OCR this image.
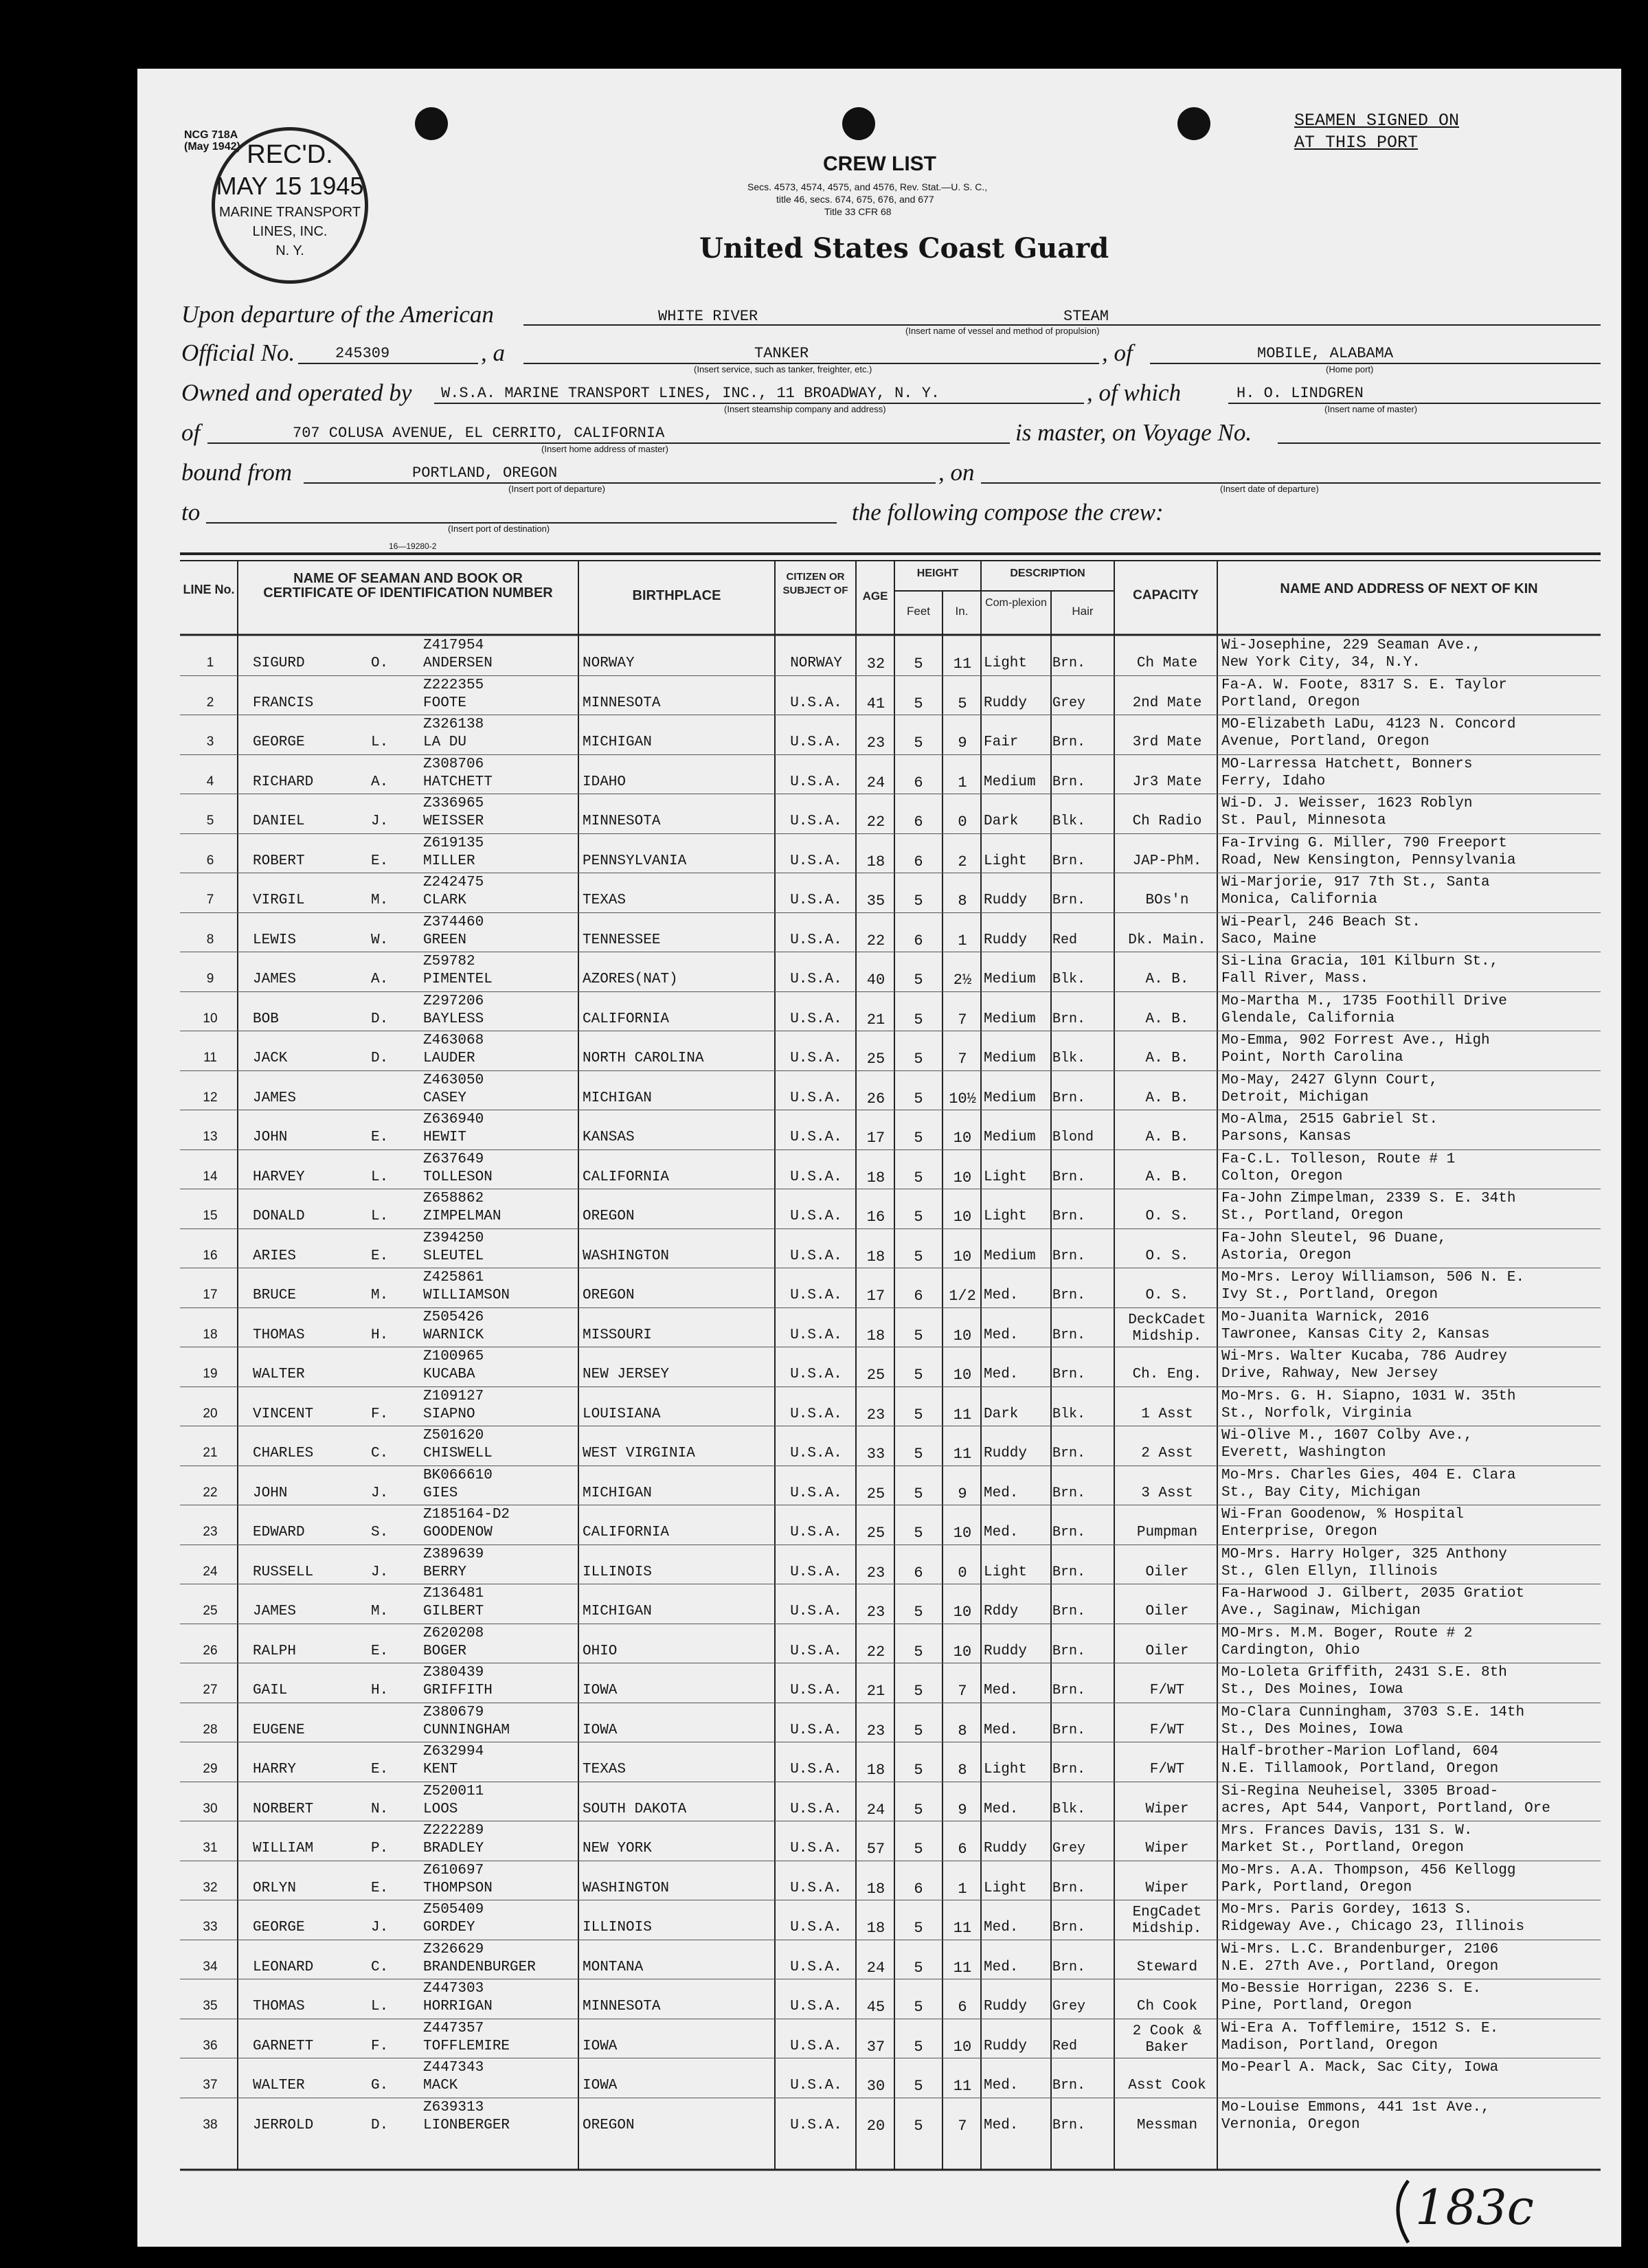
NCG 718A
(May 1942) REC'D.
MAY 15 1945
MARINE TRANSPORT
LINES, INC.
N. Y.
CREW LIST
Secs. 4573, 4574, 4575, and 4576, Rev. Stat.—U. S. C.,
title 46, secs. 674, 675, 676, and 677
Title 33 CFR 68
United States Coast Guard
SEAMEN SIGNED ON
AT THIS PORT
Upon departure of the American	WHITE RIVER	STEAM
(Insert name of vessel and method of propulsion)
Official No.	245309	, a	TANKER
(Insert service, such as tanker, freighter, etc.)
, of	MOBILE, ALABAMA
(Home port)
Owned and operated by W.S.A. MARINE TRANSPORT LINES, INC., 11 BROADWAY, N. Y.
(Insert steamship company and address)
, of which	H. O. LINDGREN
(Insert name of master)
of	707 COLUSA AVENUE, EL CERRITO, CALIFORNIA
(Insert home address of master)
is master, on Voyage No.
bound from	PORTLAND, OREGON
(Insert port of departure)
, on
(Insert date of departure)
to
(Insert port of destination)
the following compose the crew:
16—19280-2
LINE No.
NAME OF SEAMAN AND BOOK OR CERTIFICATE OF IDENTIFICATION NUMBER	BIRTHPLACE
CITIZEN OR SUBJECT OF	AGE
HEIGHT
Feet	In.
DESCRIPTION
Com-plexion
Hair
CAPACITY	NAME AND ADDRESS OF NEXT OF KIN
1	SIGURD	O.
Z417954
ANDERSEN	NORWAY	NORWAY	32	5	11 Light	Brn.	Ch Mate
Wi-Josephine, 229 Seaman Ave.,
New York City, 34, N.Y.
2	FRANCIS
Z222355
FOOTE	MINNESOTA	U.S.A.	41	5	5	Ruddy	Grey	2nd Mate
Fa-A. W. Foote, 8317 S. E. Taylor
Portland, Oregon
3	GEORGE	L.
Z326138
LA DU	MICHIGAN	U.S.A.	23	5	9	Fair	Brn.	3rd Mate
MO-Elizabeth LaDu, 4123 N. Concord
Avenue, Portland, Oregon
4	RICHARD	A.
Z308706
HATCHETT	IDAHO	U.S.A.	24	6	1	Medium	Brn.	Jr3 Mate
MO-Larressa Hatchett, Bonners
Ferry, Idaho
5	DANIEL	J.
Z336965
WEISSER	MINNESOTA	U.S.A.	22	6	0	Dark	Blk.	Ch Radio
Wi-D. J. Weisser, 1623 Roblyn
St. Paul, Minnesota
6	ROBERT	E.
Z619135
MILLER	PENNSYLVANIA	U.S.A.	18	6	2	Light	Brn.	JAP-PhM.
Fa-Irving G. Miller, 790 Freeport
Road, New Kensington, Pennsylvania
7	VIRGIL	M.
Z242475
CLARK	TEXAS	U.S.A.	35	5	8	Ruddy	Brn.	BOs'n
Wi-Marjorie, 917 7th St., Santa
Monica, California
8	LEWIS	W.
Z374460
GREEN	TENNESSEE	U.S.A.	22	6	1	Ruddy	Red	Dk. Main.
Wi-Pearl, 246 Beach St.
Saco, Maine
9	JAMES	A.
Z59782
PIMENTEL	AZORES(NAT)	U.S.A.	40	5	2½ Medium	Blk.	A. B.
Si-Lina Gracia, 101 Kilburn St.,
Fall River, Mass.
10	BOB	D.
Z297206
BAYLESS	CALIFORNIA	U.S.A.	21	5	7	Medium	Brn.	A. B.
Mo-Martha M., 1735 Foothill Drive
Glendale, California
11	JACK	D.
Z463068
LAUDER	NORTH CAROLINA	U.S.A.	25	5	7	Medium	Blk.	A. B.
Mo-Emma, 902 Forrest Ave., High
Point, North Carolina
12	JAMES
Z463050
CASEY	MICHIGAN	U.S.A.	26	5	10½ Medium	Brn.	A. B.
Mo-May, 2427 Glynn Court,
Detroit, Michigan
13	JOHN	E.
Z636940
HEWIT	KANSAS	U.S.A.	17	5	10 Medium	Blond	A. B.
Mo-Alma, 2515 Gabriel St.
Parsons, Kansas
14	HARVEY	L.
Z637649
TOLLESON	CALIFORNIA	U.S.A.	18	5	10 Light	Brn.	A. B.
Fa-C.L. Tolleson, Route # 1
Colton, Oregon
15	DONALD	L.
Z658862
ZIMPELMAN	OREGON	U.S.A.	16	5	10 Light	Brn.	O. S.
Fa-John Zimpelman, 2339 S. E. 34th
St., Portland, Oregon
16	ARIES	E.
Z394250
SLEUTEL	WASHINGTON	U.S.A.	18	5	10 Medium	Brn.	O. S.
Fa-John Sleutel, 96 Duane,
Astoria, Oregon
17	BRUCE	M.
Z425861
WILLIAMSON	OREGON	U.S.A.	17	6	1/2 Med.	Brn.	O. S.
Mo-Mrs. Leroy Williamson, 506 N. E.
Ivy St., Portland, Oregon
18	THOMAS	H.
Z505426
WARNICK	MISSOURI	U.S.A.	18	5	10 Med.	Brn.
DeckCadet Midship.
Mo-Juanita Warnick, 2016
Tawronee, Kansas City 2, Kansas
19	WALTER
Z100965
KUCABA	NEW JERSEY	U.S.A.	25	5	10 Med.	Brn.	Ch. Eng.
Wi-Mrs. Walter Kucaba, 786 Audrey
Drive, Rahway, New Jersey
20	VINCENT	F.
Z109127
SIAPNO	LOUISIANA	U.S.A.	23	5	11 Dark	Blk.	1 Asst
Mo-Mrs. G. H. Siapno, 1031 W. 35th
St., Norfolk, Virginia
21	CHARLES	C.
Z501620
CHISWELL	WEST VIRGINIA	U.S.A.	33	5	11 Ruddy	Brn.	2 Asst
Wi-Olive M., 1607 Colby Ave.,
Everett, Washington
22	JOHN	J.
BK066610
GIES	MICHIGAN	U.S.A.	25	5	9	Med.	Brn.	3 Asst
Mo-Mrs. Charles Gies, 404 E. Clara
St., Bay City, Michigan
23	EDWARD	S.
Z185164-D2
GOODENOW	CALIFORNIA	U.S.A.	25	5	10 Med.	Brn.	Pumpman
Wi-Fran Goodenow, % Hospital
Enterprise, Oregon
24	RUSSELL	J.
Z389639
BERRY	ILLINOIS	U.S.A.	23	6	0	Light	Brn.	Oiler
MO-Mrs. Harry Holger, 325 Anthony
St., Glen Ellyn, Illinois
25	JAMES	M.
Z136481
GILBERT	MICHIGAN	U.S.A.	23	5	10 Rddy	Brn.	Oiler
Fa-Harwood J. Gilbert, 2035 Gratiot
Ave., Saginaw, Michigan
26	RALPH	E.
Z620208
BOGER	OHIO	U.S.A.	22	5	10 Ruddy	Brn.	Oiler
MO-Mrs. M.M. Boger, Route # 2
Cardington, Ohio
27	GAIL	H.
Z380439
GRIFFITH	IOWA	U.S.A.	21	5	7	Med.	Brn.	F/WT
Mo-Loleta Griffith, 2431 S.E. 8th
St., Des Moines, Iowa
28	EUGENE
Z380679
CUNNINGHAM	IOWA	U.S.A.	23	5	8	Med.	Brn.	F/WT
Mo-Clara Cunningham, 3703 S.E. 14th
St., Des Moines, Iowa
29	HARRY	E.
Z632994
KENT	TEXAS	U.S.A.	18	5	8	Light	Brn.	F/WT
Half-brother-Marion Lofland, 604
N.E. Tillamook, Portland, Oregon
30	NORBERT	N.
Z520011
LOOS	SOUTH DAKOTA	U.S.A.	24	5	9	Med.	Blk.	Wiper
Si-Regina Neuheisel, 3305 Broad-
acres, Apt 544, Vanport, Portland, Ore
31	WILLIAM	P.
Z222289
BRADLEY	NEW YORK	U.S.A.	57	5	6	Ruddy	Grey	Wiper
Mrs. Frances Davis, 131 S. W.
Market St., Portland, Oregon
32	ORLYN	E.
Z610697
THOMPSON	WASHINGTON	U.S.A.	18	6	1	Light	Brn.	Wiper
Mo-Mrs. A.A. Thompson, 456 Kellogg
Park, Portland, Oregon
33	GEORGE	J.
Z505409
GORDEY	ILLINOIS	U.S.A.	18	5	11 Med.	Brn.
EngCadet Midship.
Mo-Mrs. Paris Gordey, 1613 S.
Ridgeway Ave., Chicago 23, Illinois
34	LEONARD	C.
Z326629
BRANDENBURGER	MONTANA	U.S.A.	24	5	11 Med.	Brn.	Steward
Wi-Mrs. L.C. Brandenburger, 2106
N.E. 27th Ave., Portland, Oregon
35	THOMAS	L.
Z447303
HORRIGAN	MINNESOTA	U.S.A.	45	5	6	Ruddy	Grey	Ch Cook
Mo-Bessie Horrigan, 2236 S. E.
Pine, Portland, Oregon
36	GARNETT	F.
Z447357
TOFFLEMIRE	IOWA	U.S.A.	37	5	10 Ruddy	Red
2 Cook & Baker
Wi-Era A. Tofflemire, 1512 S. E.
Madison, Portland, Oregon
37	WALTER	G.
Z447343
MACK	IOWA	U.S.A.	30	5	11 Med.	Brn.	Asst Cook
Mo-Pearl A. Mack, Sac City, Iowa
38	JERROLD	D.
Z639313
LIONBERGER	OREGON	U.S.A.	20	5	7	Med.	Brn.	Messman
Mo-Louise Emmons, 441 1st Ave.,
Vernonia, Oregon
183c
